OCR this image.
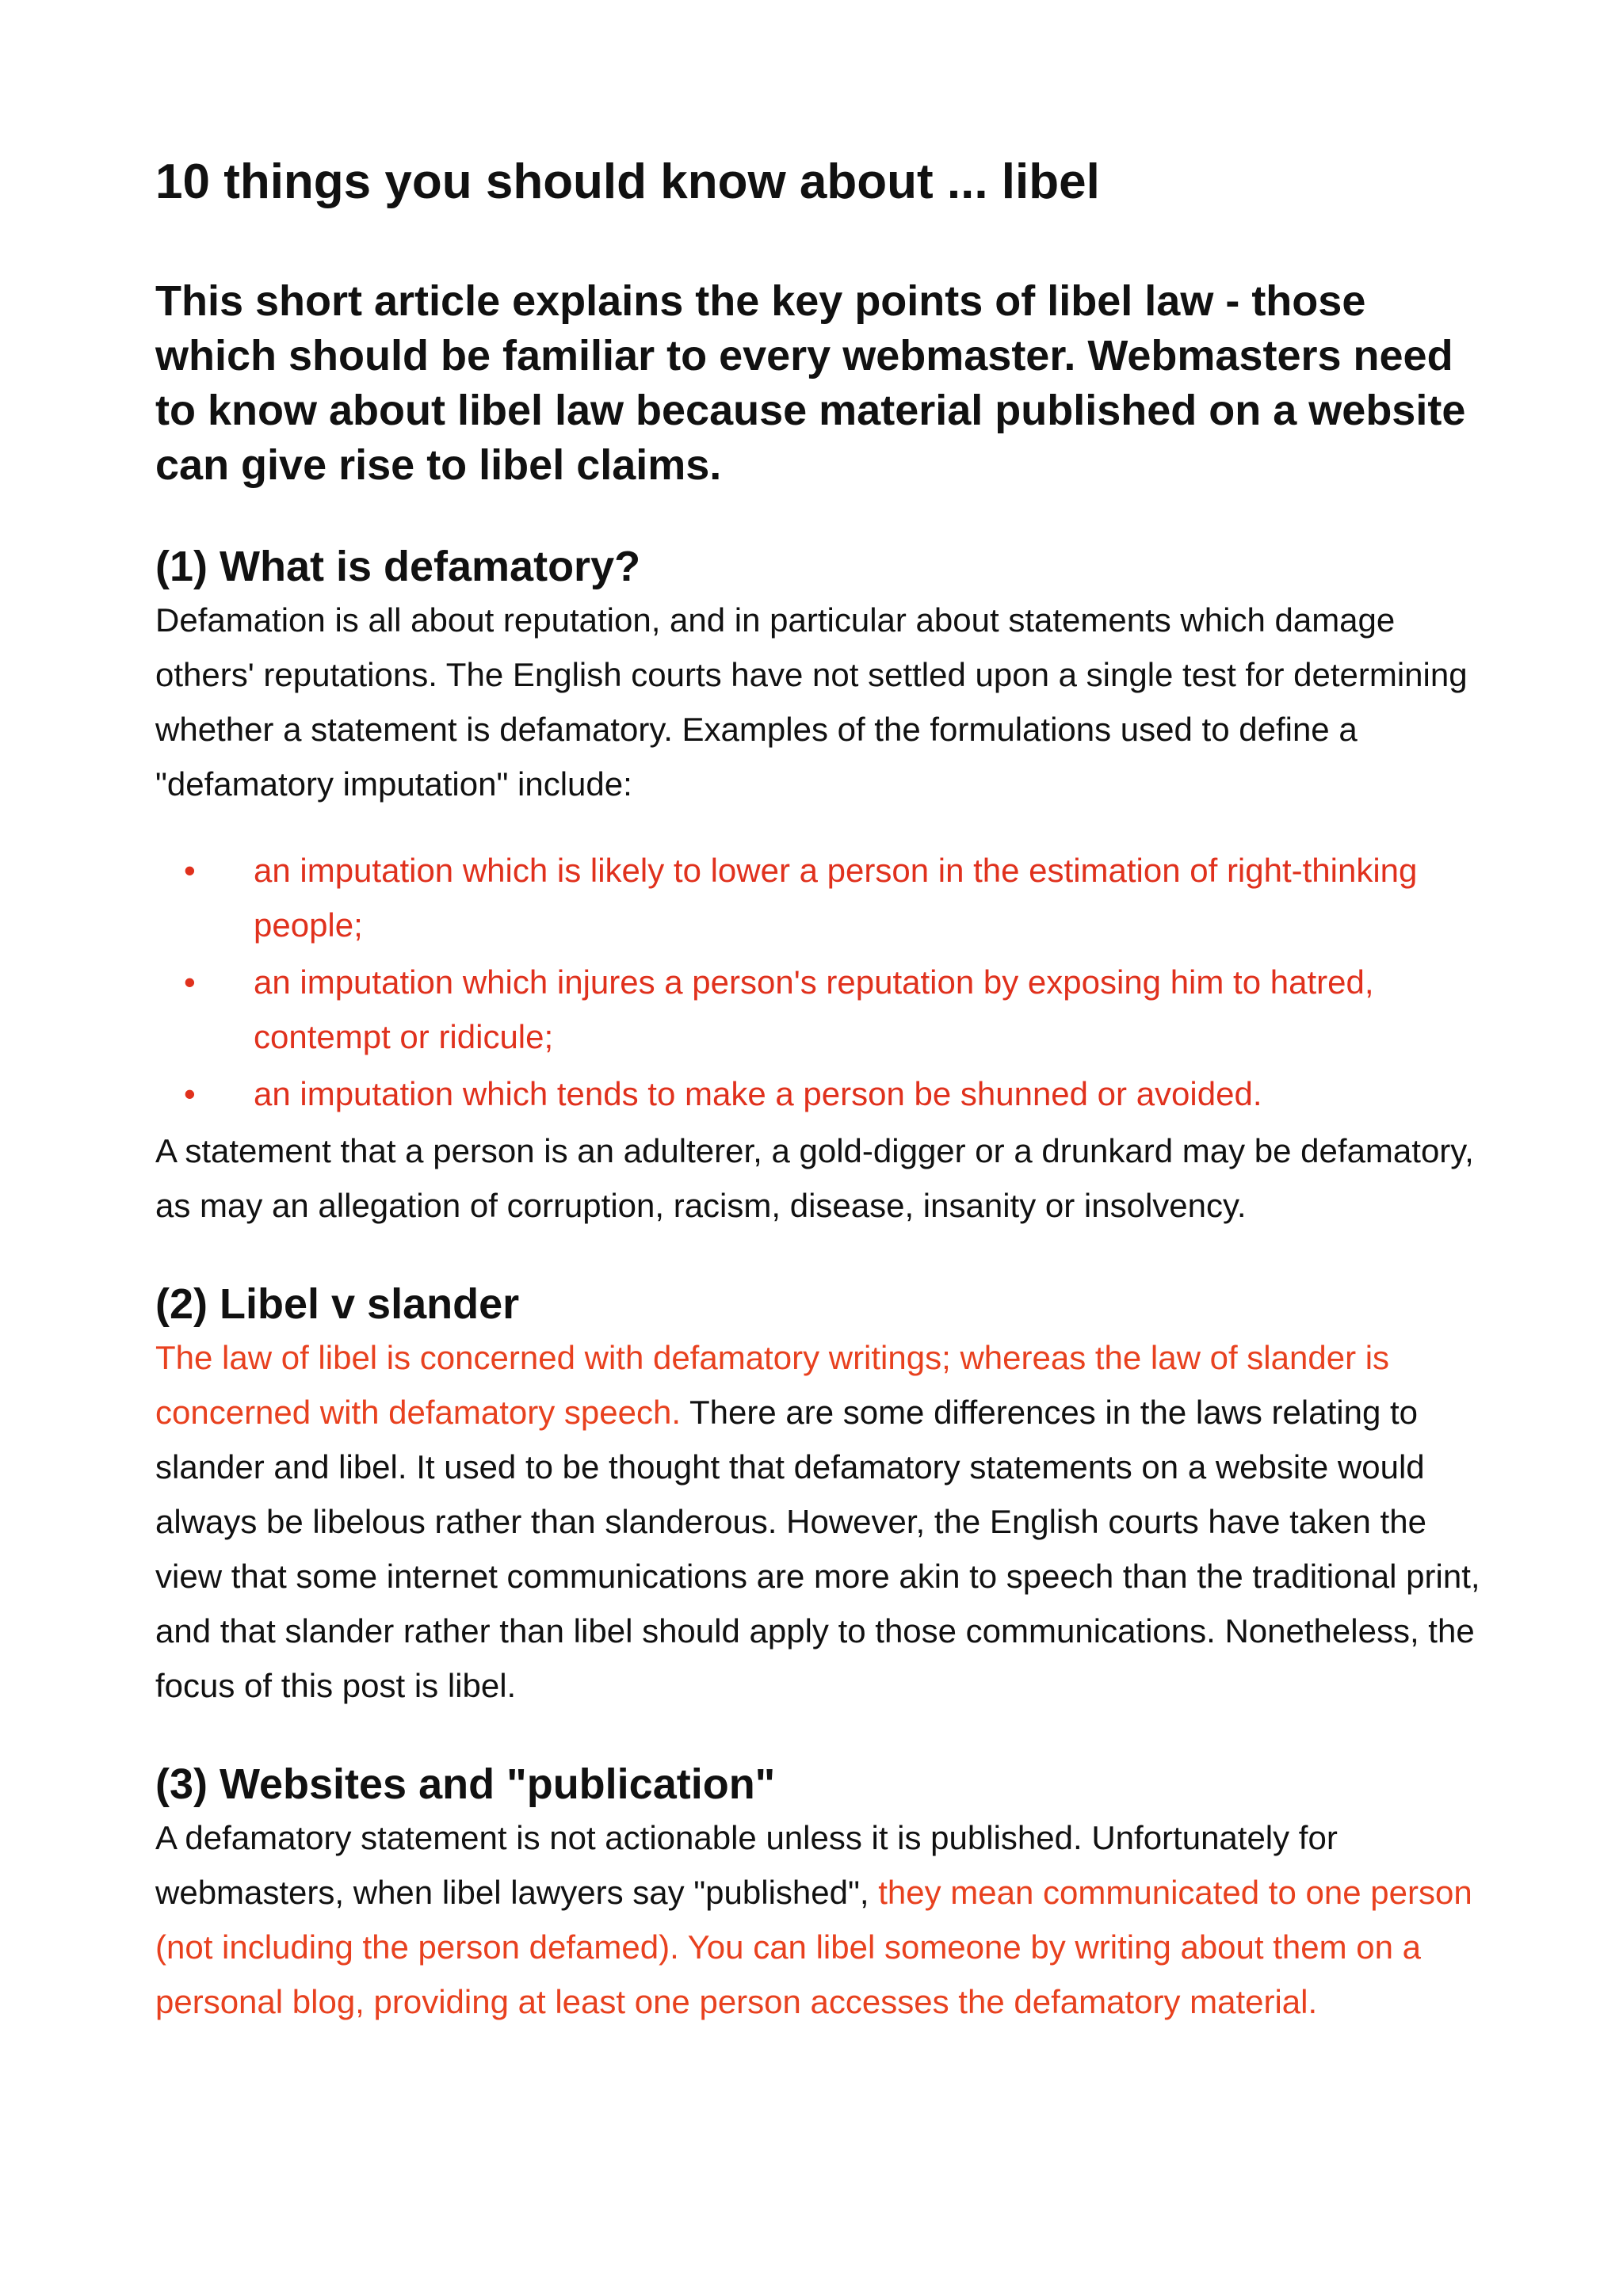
10 things you should know about ... libel
This short article explains the key points of libel law - those which should be familiar to every webmaster. Webmasters need to know about libel law because material published on a website can give rise to libel claims.
(1) What is defamatory?

Defamation is all about reputation, and in particular about statements which damage others' reputations. The English courts have not settled upon a single test for determining whether a statement is defamatory. Examples of the formulations used to define a "defamatory imputation" include:

• an imputation which is likely to lower a person in the estimation of right-thinking people;
• an imputation which injures a person's reputation by exposing him to hatred, contempt or ridicule;
• an imputation which tends to make a person be shunned or avoided.

A statement that a person is an adulterer, a gold-digger or a drunkard may be defamatory, as may an allegation of corruption, racism, disease, insanity or insolvency.

(2) Libel v slander

The law of libel is concerned with defamatory writings; whereas the law of slander is concerned with defamatory speech. There are some differences in the laws relating to slander and libel. It used to be thought that defamatory statements on a website would always be libelous rather than slanderous. However, the English courts have taken the view that some internet communications are more akin to speech than the traditional print, and that slander rather than libel should apply to those communications. Nonetheless, the focus of this post is libel.

(3) Websites and "publication"

A defamatory statement is not actionable unless it is published. Unfortunately for webmasters, when libel lawyers say "published", they mean communicated to one person (not including the person defamed). You can libel someone by writing about them on a personal blog, providing at least one person accesses the defamatory material.
